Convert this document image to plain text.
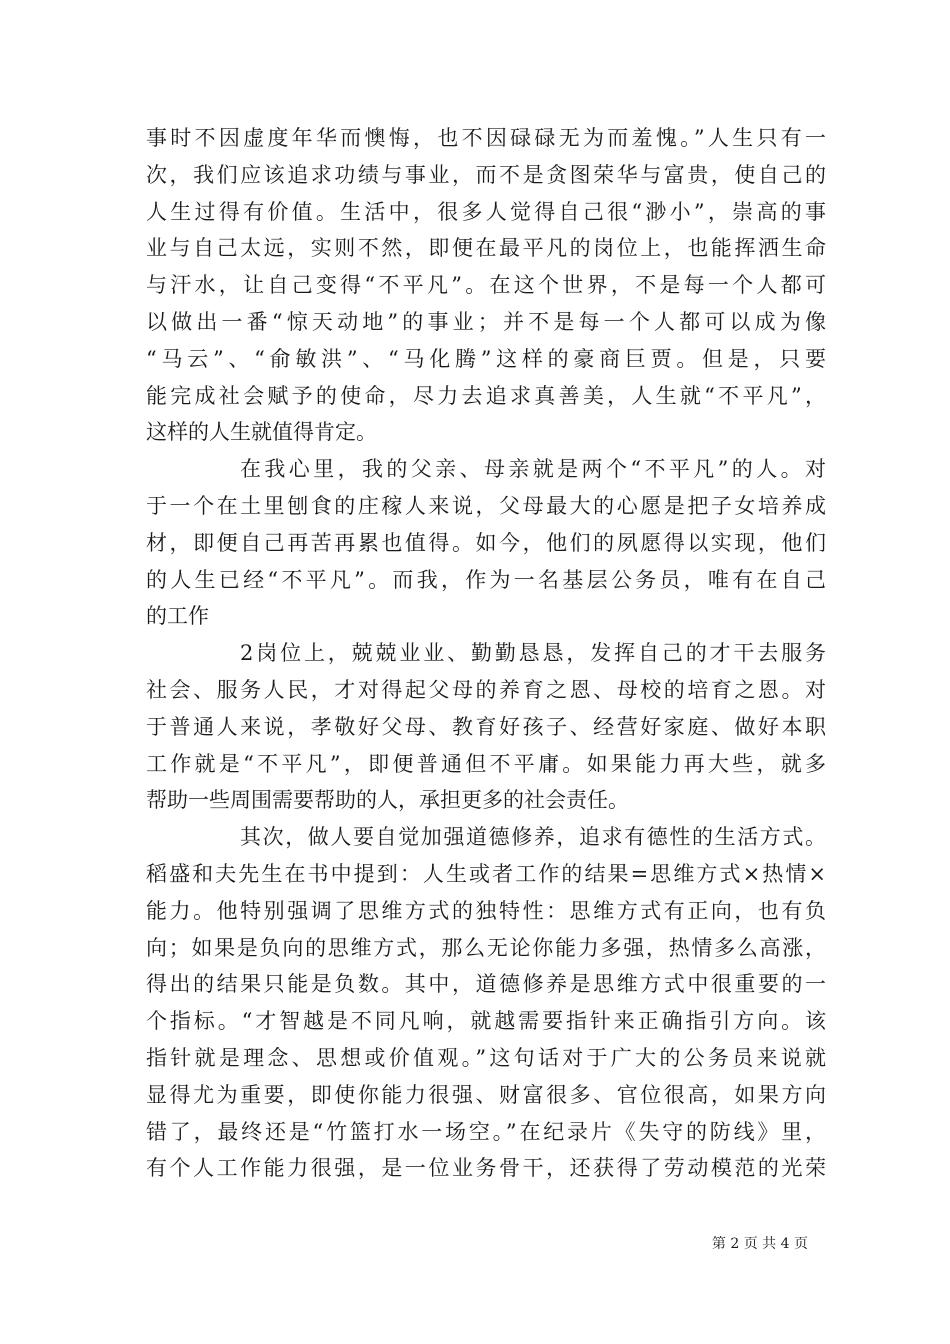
事时不因虚度年华而懊悔，也不因碌碌无为而羞愧。”人生只有一
次，我们应该追求功绩与事业，而不是贪图荣华与富贵，使自己的
人生过得有价值。生活中，很多人觉得自己很“渺小”，崇高的事
业与自己太远，实则不然，即便在最平凡的岗位上，也能挥洒生命
与汗水，让自己变得“不平凡”。在这个世界，不是每一个人都可
以做出一番“惊天动地”的事业；并不是每一个人都可以成为像
“马云”、“俞敏洪”、“马化腾”这样的豪商巨贾。但是，只要
能完成社会赋予的使命，尽力去追求真善美，人生就“不平凡”，
这样的人生就值得肯定。
在我心里，我的父亲、母亲就是两个“不平凡”的人。对
于一个在土里刨食的庄稼人来说，父母最大的心愿是把子女培养成
材，即便自己再苦再累也值得。如今，他们的夙愿得以实现，他们
的人生已经“不平凡”。而我，作为一名基层公务员，唯有在自己
的工作
2岗位上，兢兢业业、勤勤恳恳，发挥自己的才干去服务
社会、服务人民，才对得起父母的养育之恩、母校的培育之恩。对
于普通人来说，孝敬好父母、教育好孩子、经营好家庭、做好本职
工作就是“不平凡”，即便普通但不平庸。如果能力再大些，就多
帮助一些周围需要帮助的人，承担更多的社会责任。
其次，做人要自觉加强道德修养，追求有德性的生活方式。
稻盛和夫先生在书中提到：人生或者工作的结果=思维方式×热情×
能力。他特别强调了思维方式的独特性：思维方式有正向，也有负
向；如果是负向的思维方式，那么无论你能力多强，热情多么高涨，
得出的结果只能是负数。其中，道德修养是思维方式中很重要的一
个指标。“才智越是不同凡响，就越需要指针来正确指引方向。该
指针就是理念、思想或价值观。”这句话对于广大的公务员来说就
显得尤为重要，即使你能力很强、财富很多、官位很高，如果方向
错了，最终还是“竹篮打水一场空。”在纪录片《失守的防线》里，
有个人工作能力很强，是一位业务骨干，还获得了劳动模范的光荣
第 2 页 共 4 页
